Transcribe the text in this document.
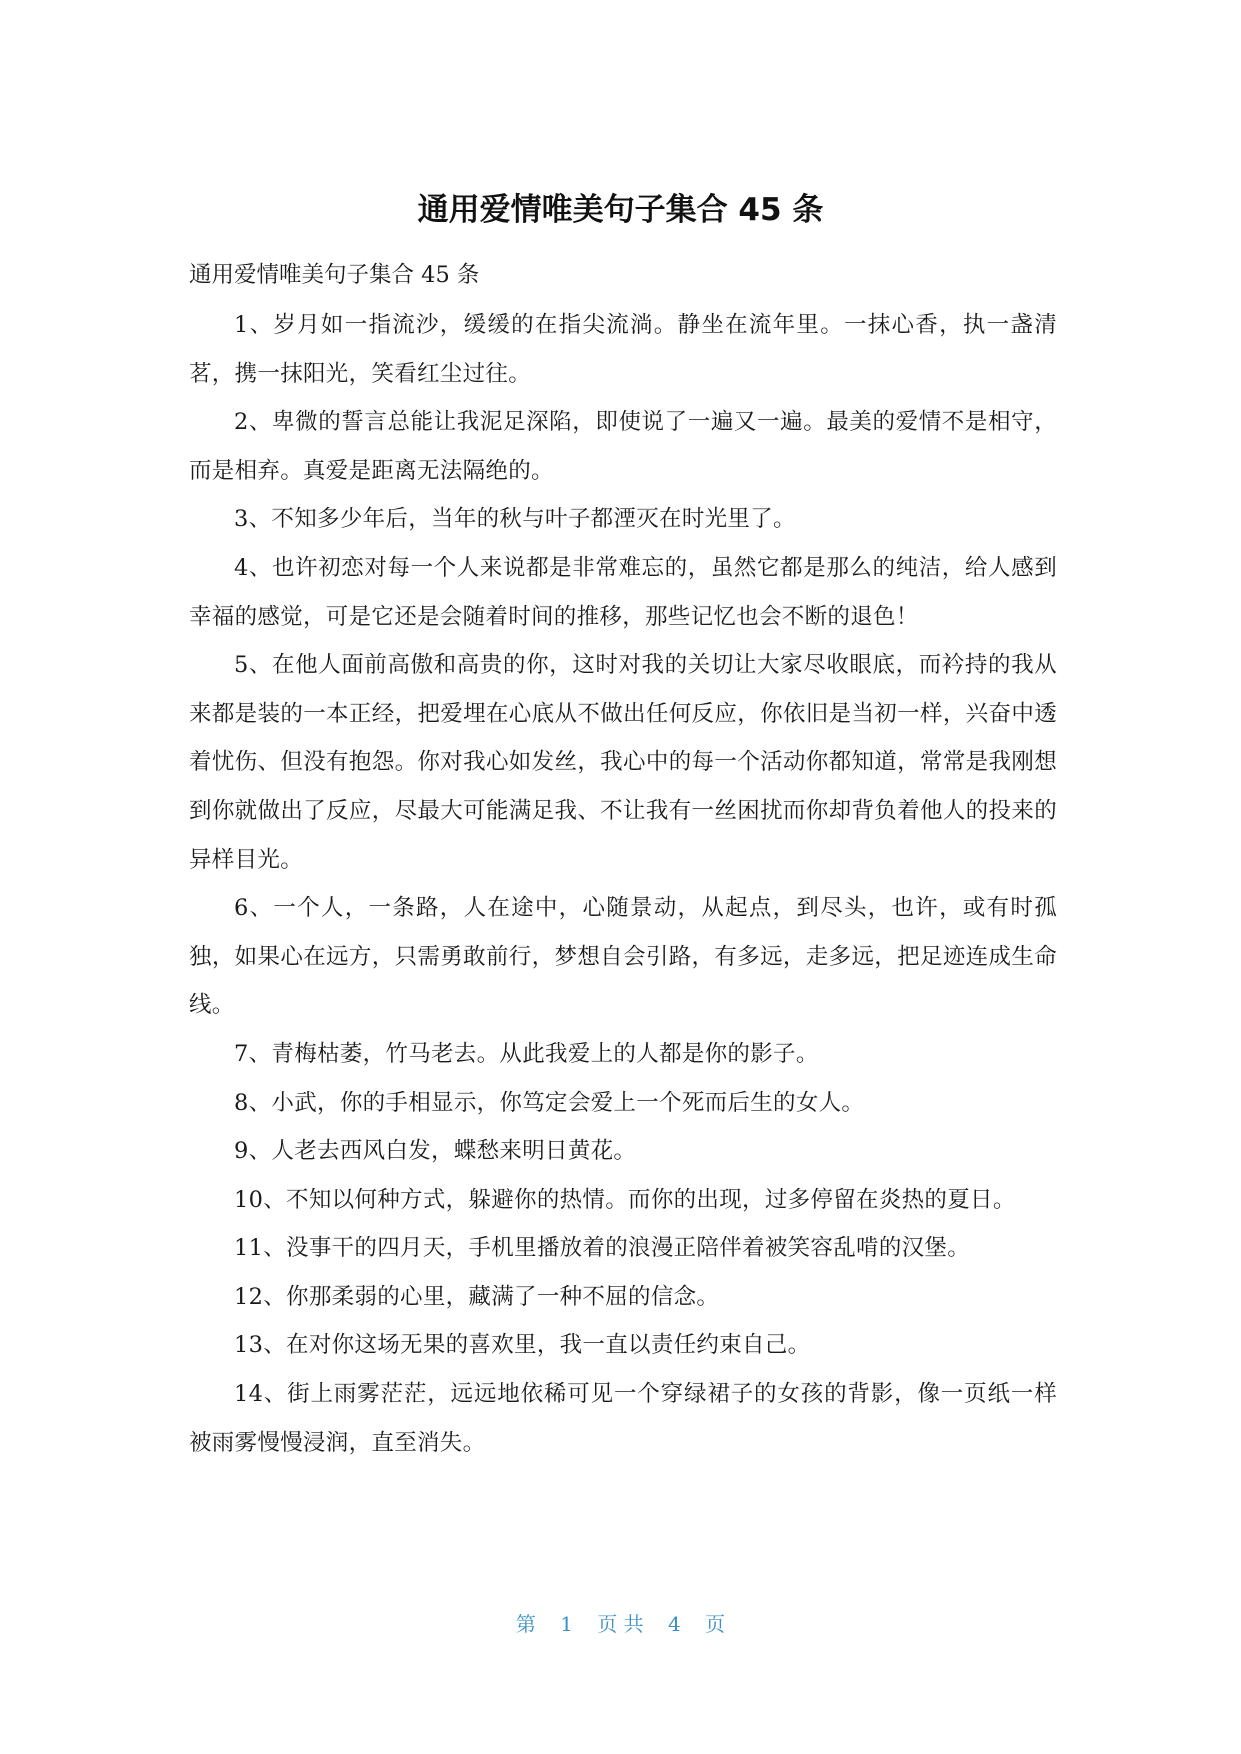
通用爱情唯美句子集合 45 条

通用爱情唯美句子集合 45 条

1、岁月如一指流沙，缓缓的在指尖流淌。静坐在流年里。一抹心香，执一盏清茗，携一抹阳光，笑看红尘过往。

2、卑微的誓言总能让我泥足深陷，即使说了一遍又一遍。最美的爱情不是相守，而是相弃。真爱是距离无法隔绝的。

3、不知多少年后，当年的秋与叶子都湮灭在时光里了。

4、也许初恋对每一个人来说都是非常难忘的，虽然它都是那么的纯洁，给人感到幸福的感觉，可是它还是会随着时间的推移，那些记忆也会不断的退色！

5、在他人面前高傲和高贵的你，这时对我的关切让大家尽收眼底，而衿持的我从来都是装的一本正经，把爱埋在心底从不做出任何反应，你依旧是当初一样，兴奋中透着忧伤、但没有抱怨。你对我心如发丝，我心中的每一个活动你都知道，常常是我刚想到你就做出了反应，尽最大可能满足我、不让我有一丝困扰而你却背负着他人的投来的异样目光。

6、一个人，一条路，人在途中，心随景动，从起点，到尽头，也许，或有时孤独，如果心在远方，只需勇敢前行，梦想自会引路，有多远，走多远，把足迹连成生命线。

7、青梅枯萎，竹马老去。从此我爱上的人都是你的影子。

8、小武，你的手相显示，你笃定会爱上一个死而后生的女人。

9、人老去西风白发，蝶愁来明日黄花。

10、不知以何种方式，躲避你的热情。而你的出现，过多停留在炎热的夏日。

11、没事干的四月天，手机里播放着的浪漫正陪伴着被笑容乱啃的汉堡。

12、你那柔弱的心里，藏满了一种不屈的信念。

13、在对你这场无果的喜欢里，我一直以责任约束自己。

14、街上雨雾茫茫，远远地依稀可见一个穿绿裙子的女孩的背影，像一页纸一样被雨雾慢慢浸润，直至消失。

第 1 页 共 4 页
